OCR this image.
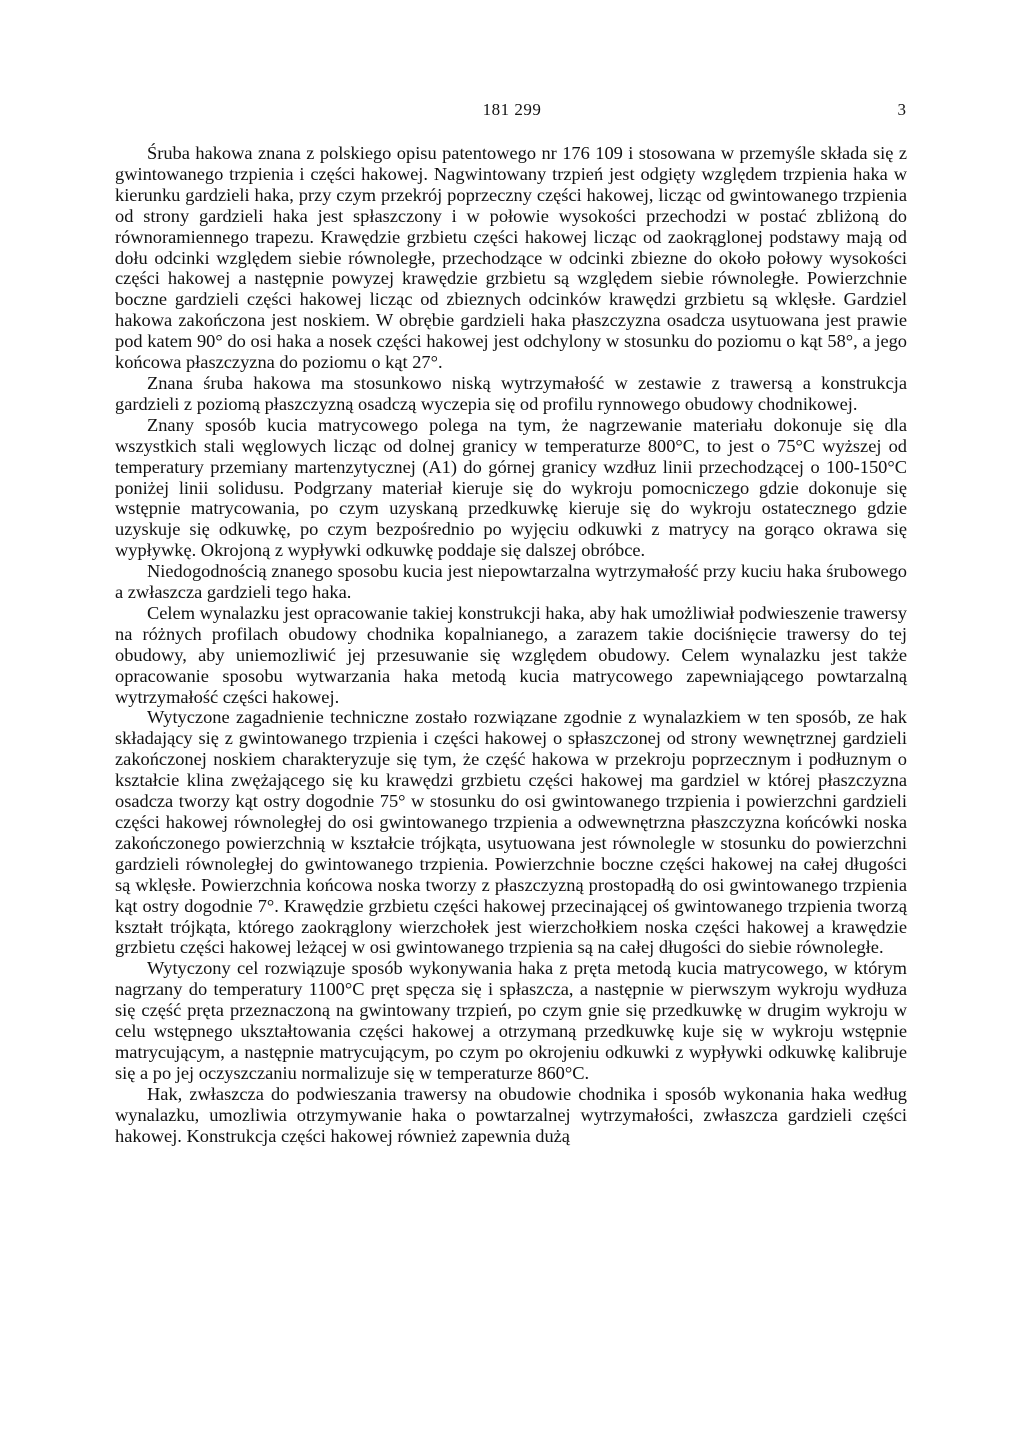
181 299	3

Śruba hakowa znana z polskiego opisu patentowego nr 176 109 i stosowana w przemyśle składa się z gwintowanego trzpienia i części hakowej. Nagwintowany trzpień jest odgięty względem trzpienia haka w kierunku gardzieli haka, przy czym przekrój poprzeczny części hakowej, licząc od gwintowanego trzpienia od strony gardzieli haka jest spłaszczony i w połowie wysokości przechodzi w postać zbliżoną do równoramiennego trapezu. Krawędzie grzbietu części hakowej licząc od zaokrąglonej podstawy mają od dołu odcinki względem siebie równoległe, przechodzące w odcinki zbiezne do około połowy wysokości części hakowej a następnie powyzej krawędzie grzbietu są względem siebie równoległe. Powierzchnie boczne gardzieli części hakowej licząc od zbieznych odcinków krawędzi grzbietu są wklęsłe. Gardziel hakowa zakończona jest noskiem. W obrębie gardzieli haka płaszczyzna osadcza usytuowana jest prawie pod katem 90° do osi haka a nosek części hakowej jest odchylony w stosunku do poziomu o kąt 58°, a jego końcowa płaszczyzna do poziomu o kąt 27°.

Znana śruba hakowa ma stosunkowo niską wytrzymałość w zestawie z trawersą a konstrukcja gardzieli z poziomą płaszczyzną osadczą wyczepia się od profilu rynnowego obudowy chodnikowej.

Znany sposób kucia matrycowego polega na tym, że nagrzewanie materiału dokonuje się dla wszystkich stali węglowych licząc od dolnej granicy w temperaturze 800°C, to jest o 75°C wyższej od temperatury przemiany martenzytycznej (A1) do górnej granicy wzdłuz linii przechodzącej o 100-150°C poniżej linii solidusu. Podgrzany materiał kieruje się do wykroju pomocniczego gdzie dokonuje się wstępnie matrycowania, po czym uzyskaną przedkuwkę kieruje się do wykroju ostatecznego gdzie uzyskuje się odkuwkę, po czym bezpośrednio po wyjęciu odkuwki z matrycy na gorąco okrawa się wypływkę. Okrojoną z wypływki odkuwkę poddaje się dalszej obróbce.

Niedogodnością znanego sposobu kucia jest niepowtarzalna wytrzymałość przy kuciu haka śrubowego a zwłaszcza gardzieli tego haka.

Celem wynalazku jest opracowanie takiej konstrukcji haka, aby hak umożliwiał podwieszenie trawersy na różnych profilach obudowy chodnika kopalnianego, a zarazem takie dociśnięcie trawersy do tej obudowy, aby uniemozliwić jej przesuwanie się względem obudowy. Celem wynalazku jest także opracowanie sposobu wytwarzania haka metodą kucia matrycowego zapewniającego powtarzalną wytrzymałość części hakowej.

Wytyczone zagadnienie techniczne zostało rozwiązane zgodnie z wynalazkiem w ten sposób, ze hak składający się z gwintowanego trzpienia i części hakowej o spłaszczonej od strony wewnętrznej gardzieli zakończonej noskiem charakteryzuje się tym, że część hakowa w przekroju poprzecznym i podłuznym o kształcie klina zwężającego się ku krawędzi grzbietu części hakowej ma gardziel w której płaszczyzna osadcza tworzy kąt ostry dogodnie 75° w stosunku do osi gwintowanego trzpienia i powierzchni gardzieli części hakowej równoległej do osi gwintowanego trzpienia a odwewnętrzna płaszczyzna końcówki noska zakończonego powierzchnią w kształcie trójkąta, usytuowana jest równolegle w stosunku do powierzchni gardzieli równoległej do gwintowanego trzpienia. Powierzchnie boczne części hakowej na całej długości są wklęsłe. Powierzchnia końcowa noska tworzy z płaszczyzną prostopadłą do osi gwintowanego trzpienia kąt ostry dogodnie 7°. Krawędzie grzbietu części hakowej przecinającej oś gwintowanego trzpienia tworzą kształt trójkąta, którego zaokrąglony wierzchołek jest wierzchołkiem noska części hakowej a krawędzie grzbietu części hakowej leżącej w osi gwintowanego trzpienia są na całej długości do siebie równoległe.

Wytyczony cel rozwiązuje sposób wykonywania haka z pręta metodą kucia matrycowego, w którym nagrzany do temperatury 1100°C pręt spęcza się i spłaszcza, a następnie w pierwszym wykroju wydłuza się część pręta przeznaczoną na gwintowany trzpień, po czym gnie się przedkuwkę w drugim wykroju w celu wstępnego ukształtowania części hakowej a otrzymaną przedkuwkę kuje się w wykroju wstępnie matrycującym, a następnie matrycującym, po czym po okrojeniu odkuwki z wypływki odkuwkę kalibruje się a po jej oczyszczaniu normalizuje się w temperaturze 860°C.

Hak, zwłaszcza do podwieszania trawersy na obudowie chodnika i sposób wykonania haka według wynalazku, umozliwia otrzymywanie haka o powtarzalnej wytrzymałości, zwłaszcza gardzieli części hakowej. Konstrukcja części hakowej również zapewnia dużą
